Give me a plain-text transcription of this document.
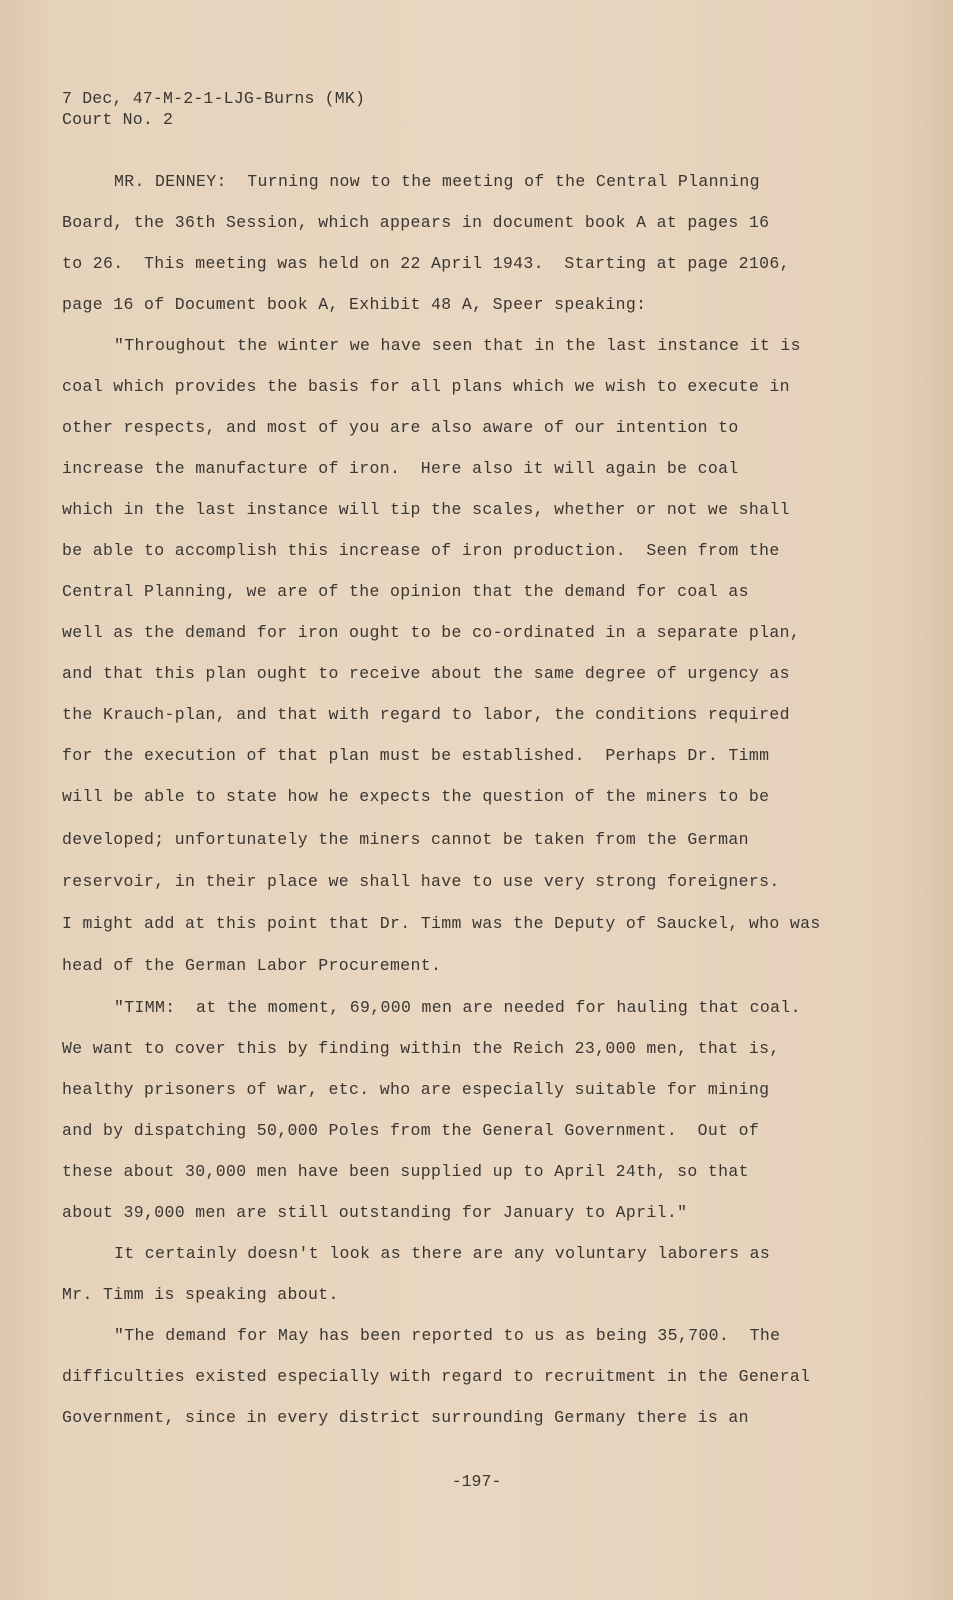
7 Dec, 47-M-2-1-LJG-Burns (MK)
Court No. 2
MR. DENNEY:  Turning now to the meeting of the Central Planning
Board, the 36th Session, which appears in document book A at pages 16
to 26.  This meeting was held on 22 April 1943.  Starting at page 2106,
page 16 of Document book A, Exhibit 48 A, Speer speaking:
"Throughout the winter we have seen that in the last instance it is
coal which provides the basis for all plans which we wish to execute in
other respects, and most of you are also aware of our intention to
increase the manufacture of iron.  Here also it will again be coal
which in the last instance will tip the scales, whether or not we shall
be able to accomplish this increase of iron production.  Seen from the
Central Planning, we are of the opinion that the demand for coal as
well as the demand for iron ought to be co-ordinated in a separate plan,
and that this plan ought to receive about the same degree of urgency as
the Krauch-plan, and that with regard to labor, the conditions required
for the execution of that plan must be established.  Perhaps Dr. Timm
will be able to state how he expects the question of the miners to be
developed; unfortunately the miners cannot be taken from the German
reservoir, in their place we shall have to use very strong foreigners.
I might add at this point that Dr. Timm was the Deputy of Sauckel, who was
head of the German Labor Procurement.
"TIMM:  at the moment, 69,000 men are needed for hauling that coal.
We want to cover this by finding within the Reich 23,000 men, that is,
healthy prisoners of war, etc. who are especially suitable for mining
and by dispatching 50,000 Poles from the General Government.  Out of
these about 30,000 men have been supplied up to April 24th, so that
about 39,000 men are still outstanding for January to April."
It certainly doesn't look as there are any voluntary laborers as
Mr. Timm is speaking about.
"The demand for May has been reported to us as being 35,700.  The
difficulties existed especially with regard to recruitment in the General
Government, since in every district surrounding Germany there is an
-197-
